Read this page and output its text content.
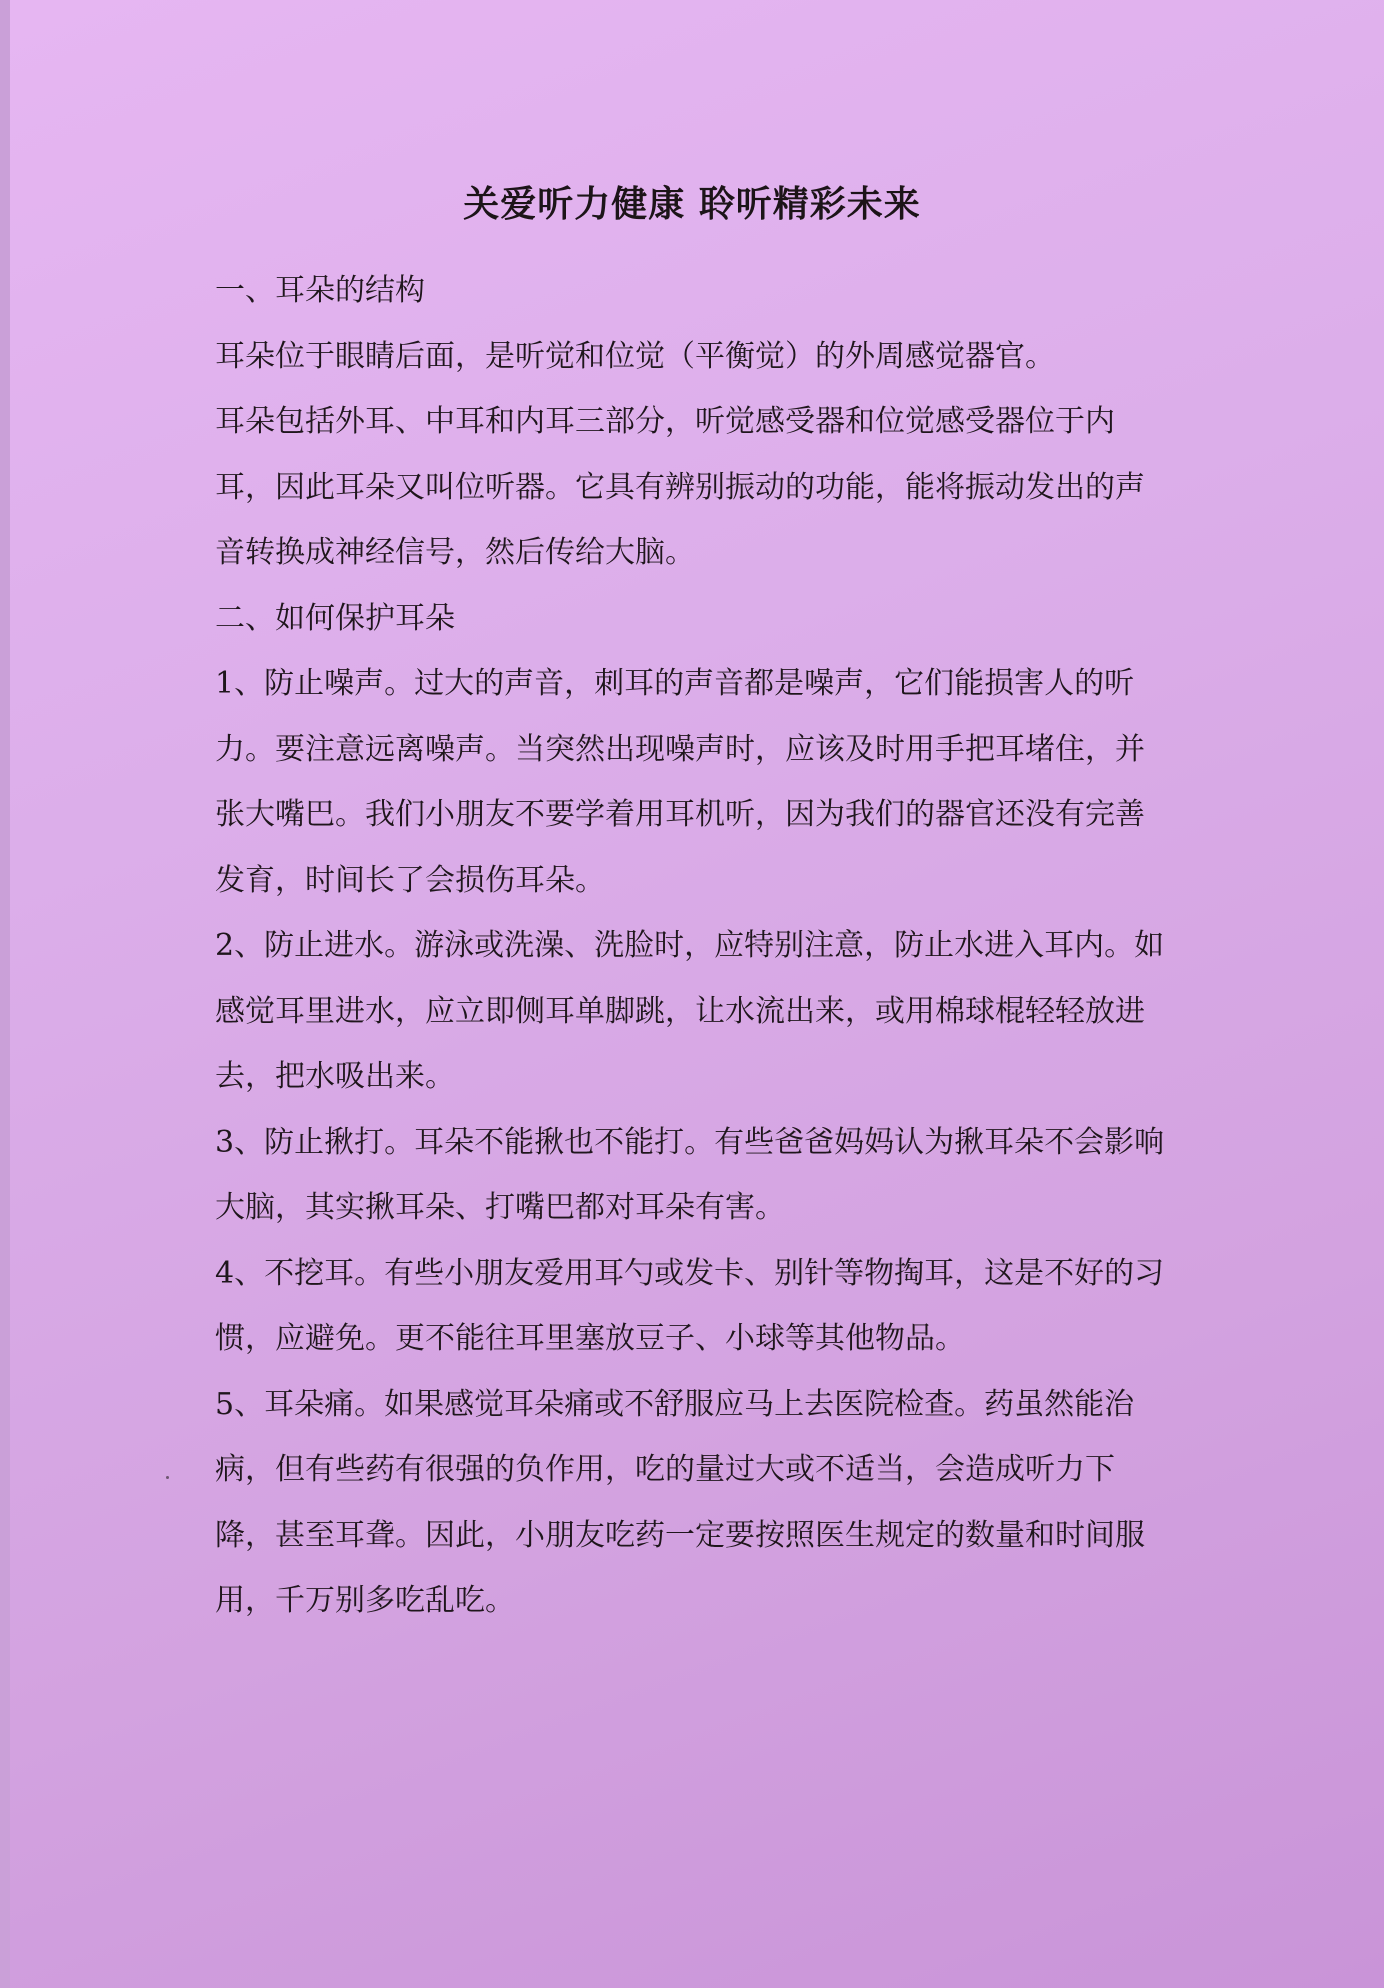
关爱听力健康 聆听精彩未来

一、耳朵的结构

耳朵位于眼睛后面，是听觉和位觉（平衡觉）的外周感觉器官。

耳朵包括外耳、中耳和内耳三部分，听觉感受器和位觉感受器位于内

耳，因此耳朵又叫位听器。它具有辨别振动的功能，能将振动发出的声

音转换成神经信号，然后传给大脑。

二、如何保护耳朵

1、防止噪声。过大的声音，刺耳的声音都是噪声，它们能损害人的听

力。要注意远离噪声。当突然出现噪声时，应该及时用手把耳堵住，并

张大嘴巴。我们小朋友不要学着用耳机听，因为我们的器官还没有完善

发育，时间长了会损伤耳朵。

2、防止进水。游泳或洗澡、洗脸时，应特别注意，防止水进入耳内。如

感觉耳里进水，应立即侧耳单脚跳，让水流出来，或用棉球棍轻轻放进

去，把水吸出来。

3、防止揪打。耳朵不能揪也不能打。有些爸爸妈妈认为揪耳朵不会影响

大脑，其实揪耳朵、打嘴巴都对耳朵有害。

4、不挖耳。有些小朋友爱用耳勺或发卡、别针等物掏耳，这是不好的习

惯，应避免。更不能往耳里塞放豆子、小球等其他物品。

5、耳朵痛。如果感觉耳朵痛或不舒服应马上去医院检查。药虽然能治

病，但有些药有很强的负作用，吃的量过大或不适当，会造成听力下

降，甚至耳聋。因此，小朋友吃药一定要按照医生规定的数量和时间服

用，千万别多吃乱吃。
